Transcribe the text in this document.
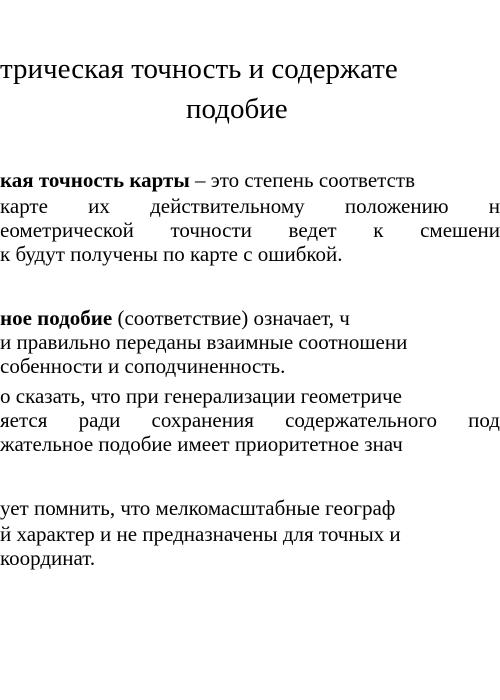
трическая точность и содержате
подобие
кая точность карты – это степень соответств
карте их действительному положению н
еометрической точности ведет к смешени
к будут получены по карте с ошибкой.
ное подобие (соответствие) означает, ч
и правильно переданы взаимные соотношени
собенности и соподчиненность.
о сказать, что при генерализации геометриче
яется ради сохранения содержательного под
жательное подобие имеет приоритетное знач
ует помнить, что мелкомасштабные географ
й характер и не предназначены для точных и
координат.
